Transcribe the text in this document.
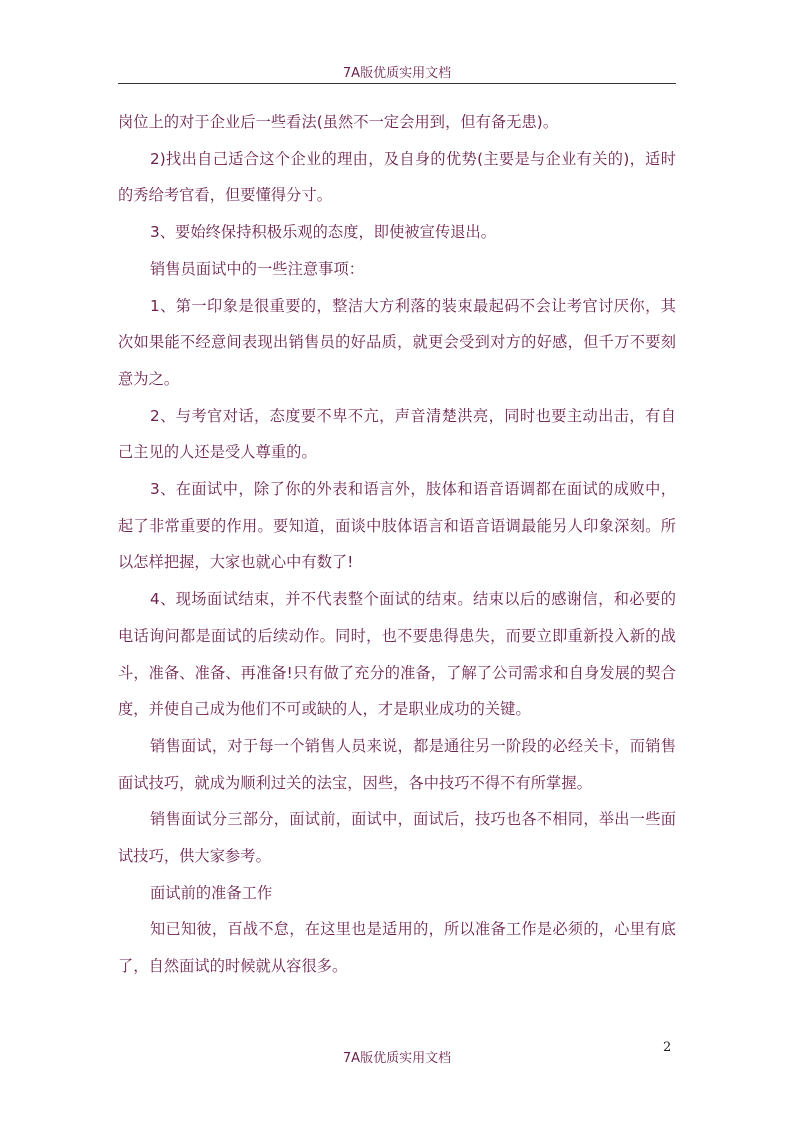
7A版优质实用文档

岗位上的对于企业后一些看法(虽然不一定会用到，但有备无患)。

2)找出自己适合这个企业的理由，及自身的优势(主要是与企业有关的)，适时的秀给考官看，但要懂得分寸。

3、要始终保持积极乐观的态度，即使被宣传退出。

销售员面试中的一些注意事项：

1、第一印象是很重要的，整洁大方利落的装束最起码不会让考官讨厌你，其次如果能不经意间表现出销售员的好品质，就更会受到对方的好感，但千万不要刻意为之。

2、与考官对话，态度要不卑不亢，声音清楚洪亮，同时也要主动出击，有自己主见的人还是受人尊重的。

3、在面试中，除了你的外表和语言外，肢体和语音语调都在面试的成败中，起了非常重要的作用。要知道，面谈中肢体语言和语音语调最能另人印象深刻。所以怎样把握，大家也就心中有数了!

4、现场面试结束，并不代表整个面试的结束。结束以后的感谢信，和必要的电话询问都是面试的后续动作。同时，也不要患得患失，而要立即重新投入新的战斗，准备、准备、再准备!只有做了充分的准备，了解了公司需求和自身发展的契合度，并使自己成为他们不可或缺的人，才是职业成功的关键。

销售面试，对于每一个销售人员来说，都是通往另一阶段的必经关卡，而销售面试技巧，就成为顺利过关的法宝，因些，各中技巧不得不有所掌握。

销售面试分三部分，面试前，面试中，面试后，技巧也各不相同，举出一些面试技巧，供大家参考。

面试前的准备工作

知已知彼，百战不怠，在这里也是适用的，所以准备工作是必须的，心里有底了，自然面试的时候就从容很多。

2
7A版优质实用文档
